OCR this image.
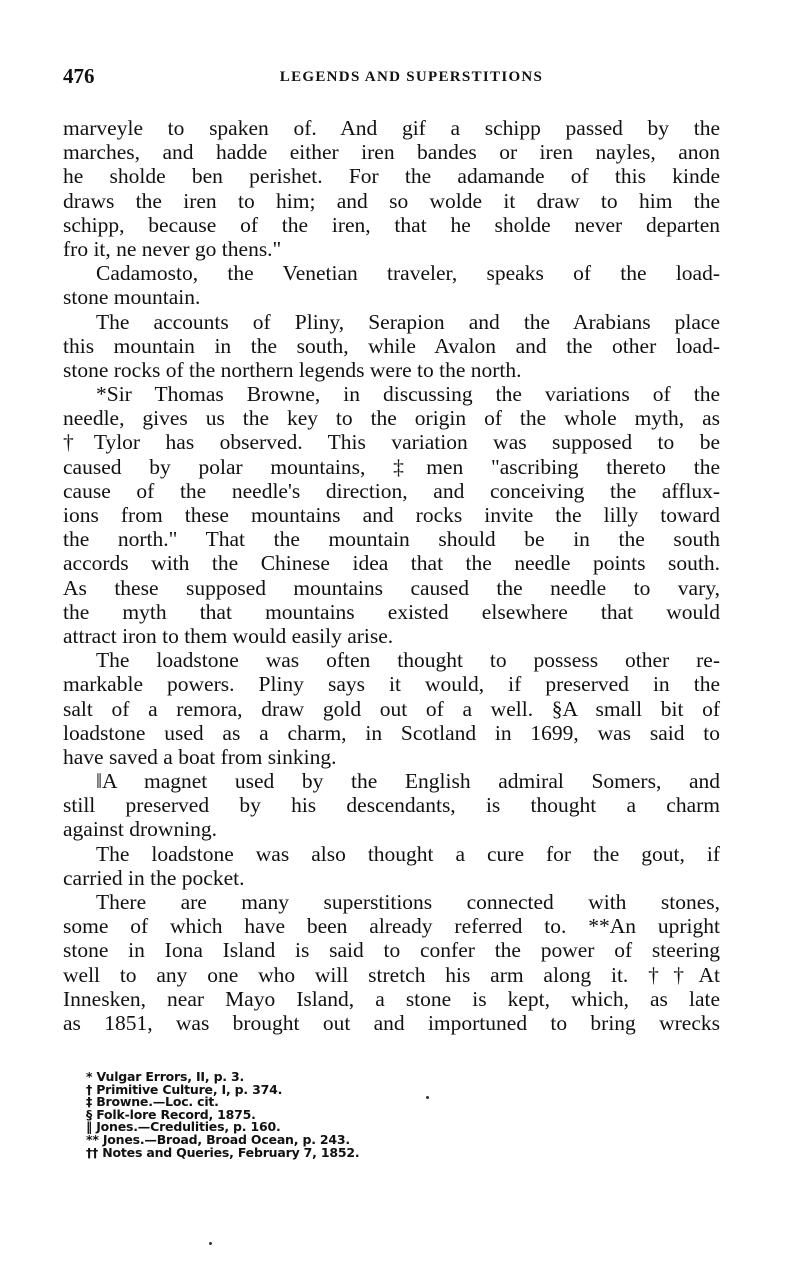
476	LEGENDS AND SUPERSTITIONS
marveyle to spaken of. And gif a schipp passed by the
marches, and hadde either iren bandes or iren nayles, anon
he sholde ben perishet. For the adamande of this kinde
draws the iren to him; and so wolde it draw to him the
schipp, because of the iren, that he sholde never departen
fro it, ne never go thens."
Cadamosto, the Venetian traveler, speaks of the load-
stone mountain.
The accounts of Pliny, Serapion and the Arabians place
this mountain in the south, while Avalon and the other load-
stone rocks of the northern legends were to the north.
*Sir Thomas Browne, in discussing the variations of the
needle, gives us the key to the origin of the whole myth, as
†Tylor has observed. This variation was supposed to be
caused by polar mountains, ‡men "ascribing thereto the
cause of the needle's direction, and conceiving the afflux-
ions from these mountains and rocks invite the lilly toward
the north." That the mountain should be in the south
accords with the Chinese idea that the needle points south.
As these supposed mountains caused the needle to vary,
the myth that mountains existed elsewhere that would
attract iron to them would easily arise.
The loadstone was often thought to possess other re-
markable powers. Pliny says it would, if preserved in the
salt of a remora, draw gold out of a well. §A small bit of
loadstone used as a charm, in Scotland in 1699, was said to
have saved a boat from sinking.
‖A magnet used by the English admiral Somers, and
still preserved by his descendants, is thought a charm
against drowning.
The loadstone was also thought a cure for the gout, if
carried in the pocket.
There are many superstitions connected with stones,
some of which have been already referred to. **An upright
stone in Iona Island is said to confer the power of steering
well to any one who will stretch his arm along it. ††At
Innesken, near Mayo Island, a stone is kept, which, as late
as 1851, was brought out and importuned to bring wrecks
* Vulgar Errors, II, p. 3.
† Primitive Culture, I, p. 374.
‡ Browne.—Loc. cit.
§ Folk-lore Record, 1875.
‖ Jones.—Credulities, p. 160.
** Jones.—Broad, Broad Ocean, p. 243.
†† Notes and Queries, February 7, 1852.
